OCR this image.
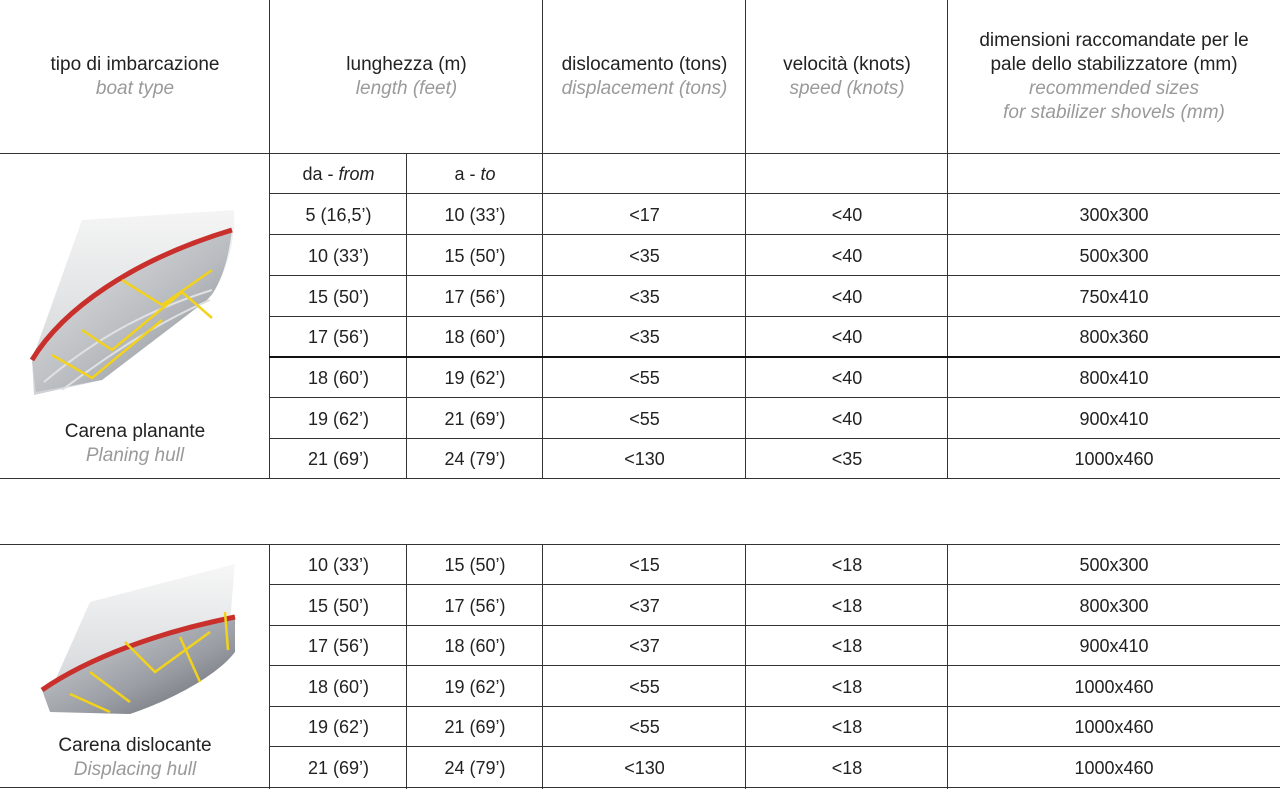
tipo di imbarcazione
boat type
lunghezza (m)
length (feet)
dislocamento (tons)
displacement (tons)
velocità (knots)
speed (knots)
dimensioni raccomandate per le
pale dello stabilizzatore (mm)
recommended sizes
for stabilizer shovels (mm)
da - from	a - to
5 (16,5’)	10 (33’)	<17	<40	300x300
10 (33’)	15 (50’)	<35	<40	500x300
15 (50’)	17 (56’)	<35	<40	750x410
17 (56’)	18 (60’)	<35	<40	800x360
18 (60’)	19 (62’)	<55	<40	800x410
19 (62’)	21 (69’)	<55	<40	900x410
21 (69’)	24 (79’)	<130	<35	1000x460
10 (33’)	15 (50’)	<15	<18	500x300
15 (50’)	17 (56’)	<37	<18	800x300
17 (56’)	18 (60’)	<37	<18	900x410
18 (60’)	19 (62’)	<55	<18	1000x460
19 (62’)	21 (69’)	<55	<18	1000x460
21 (69’)	24 (79’)	<130	<18	1000x460
Carena planante
Planing hull
Carena dislocante
Displacing hull
